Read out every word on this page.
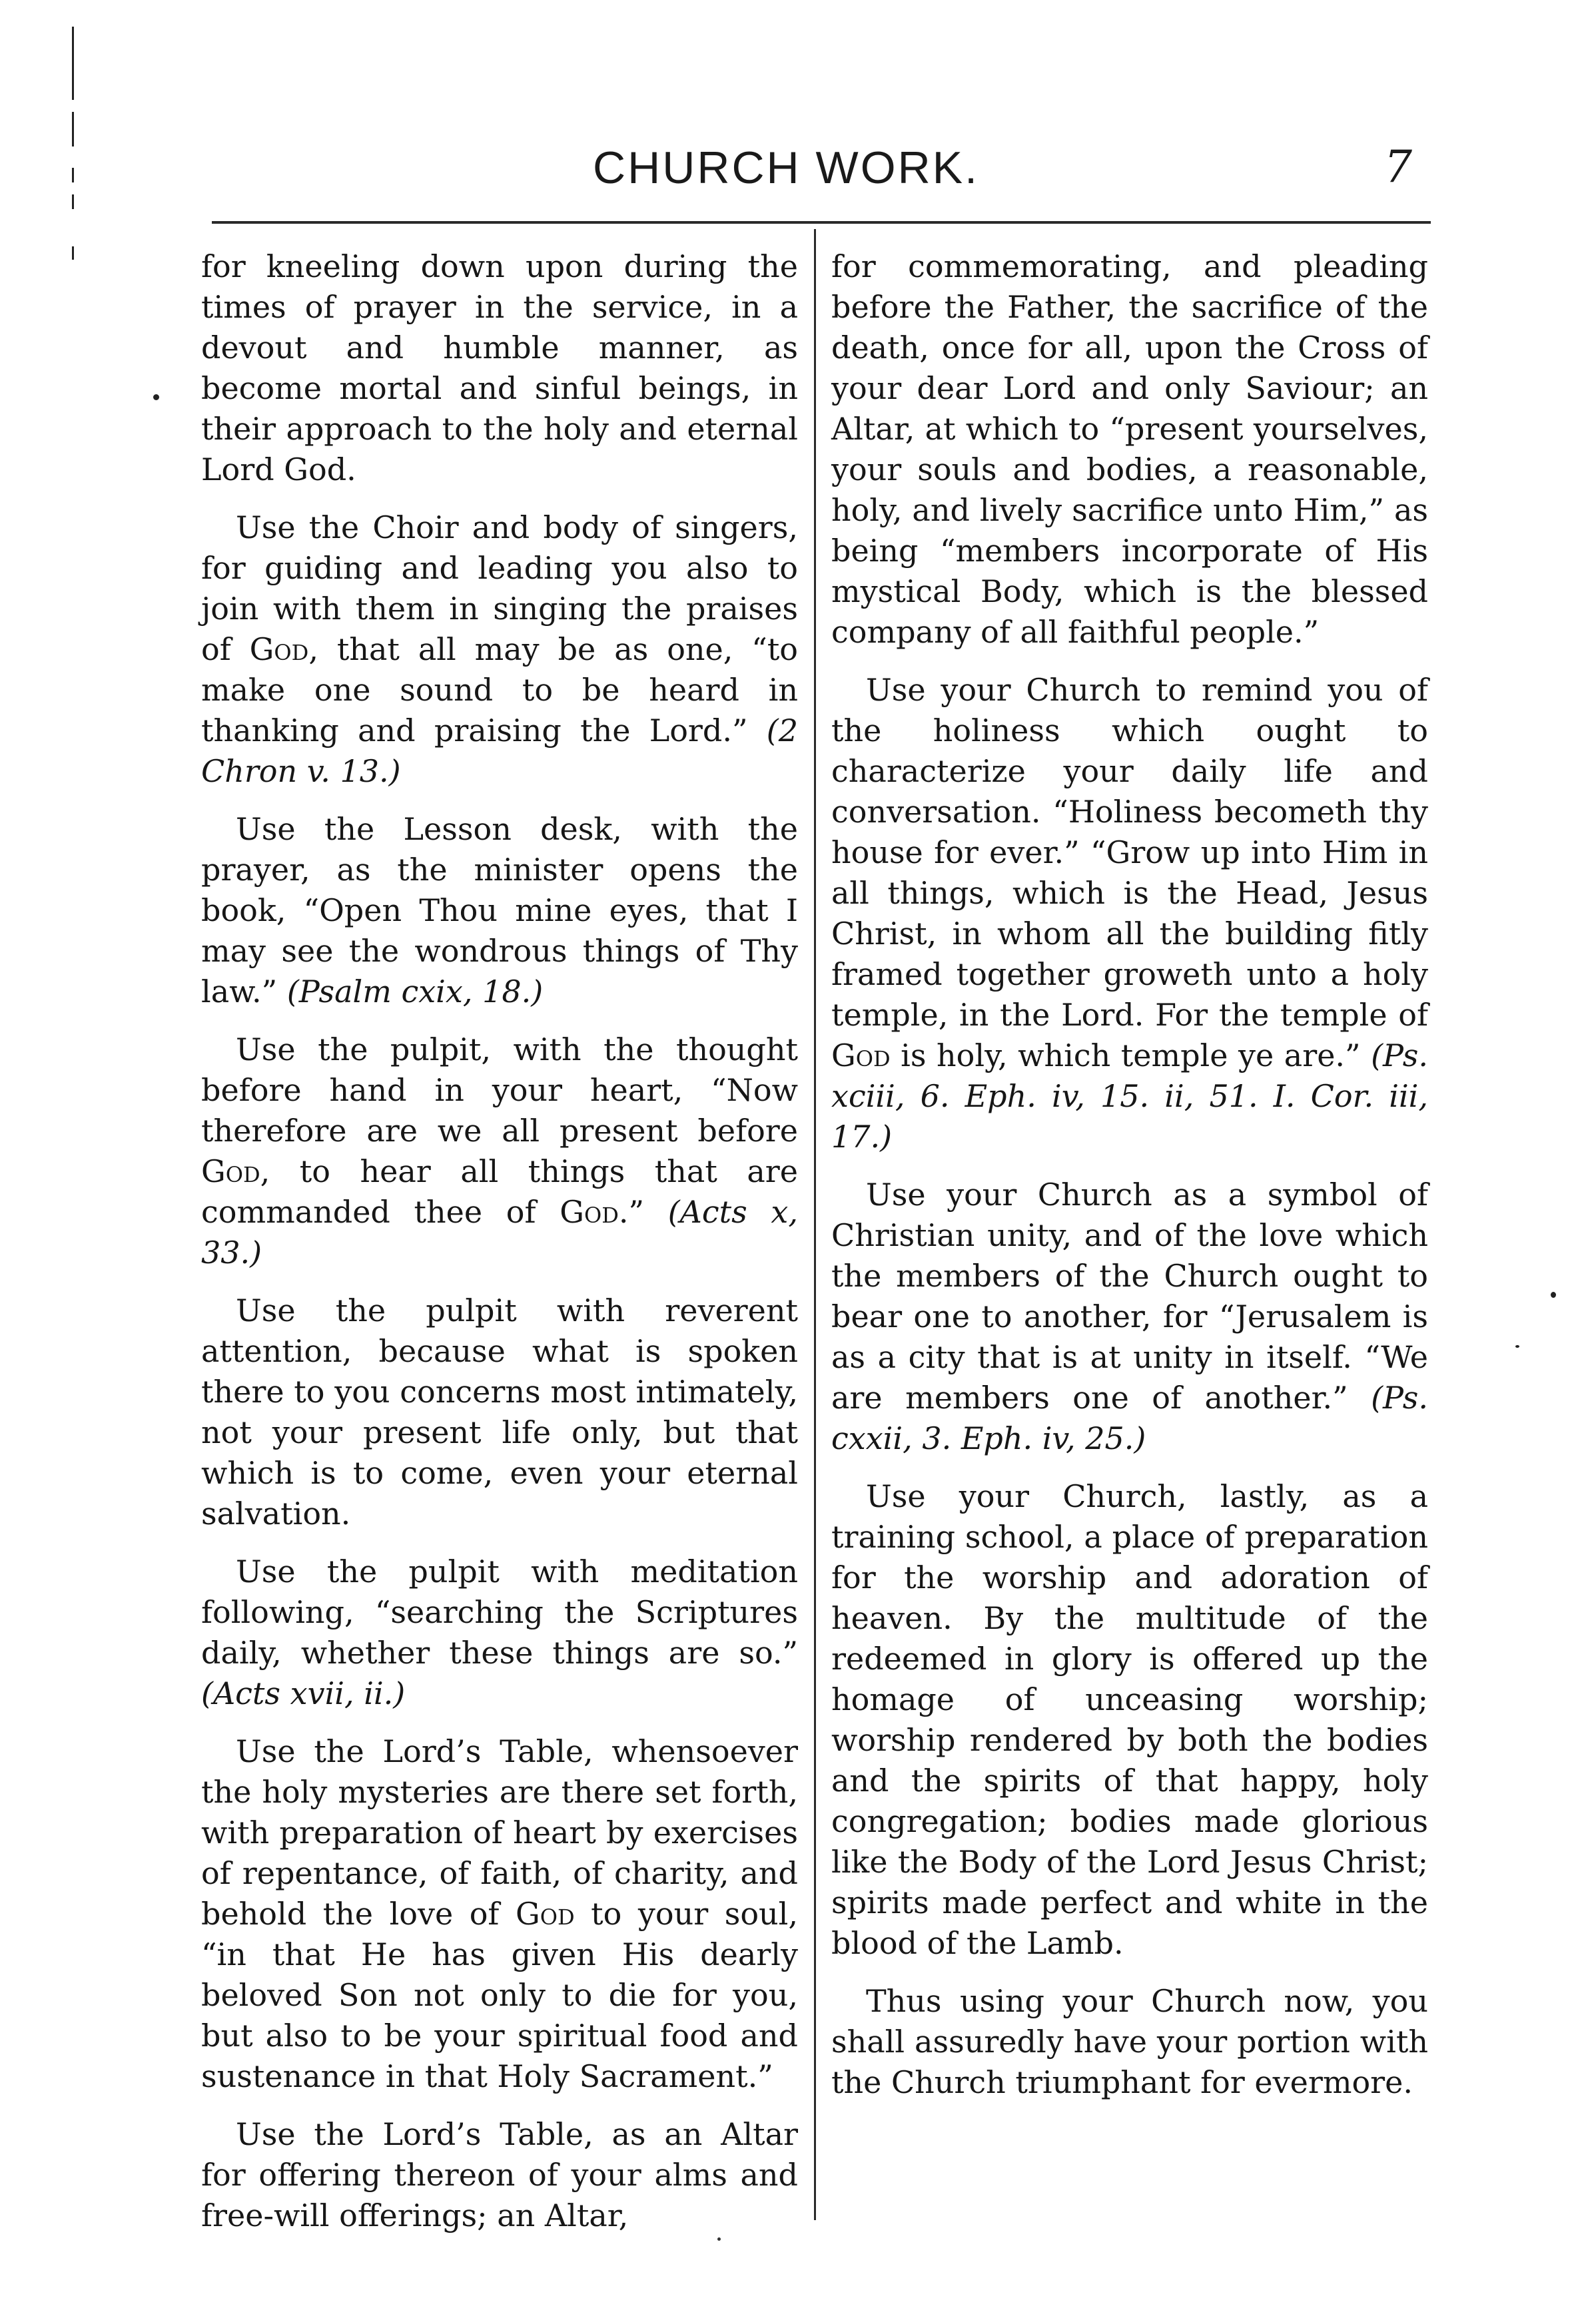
CHURCH WORK.	7

for kneeling down upon during the times of prayer in the service, in a devout and humble manner, as become mortal and sinful beings, in their approach to the holy and eternal Lord God.

Use the Choir and body of singers, for guiding and leading you also to join with them in singing the praises of God, that all may be as one, “to make one sound to be heard in thanking and praising the Lord.” (2 Chron v. 13.)

Use the Lesson desk, with the prayer, as the minister opens the book, “Open Thou mine eyes, that I may see the wondrous things of Thy law.” (Psalm cxix, 18.)

Use the pulpit, with the thought before hand in your heart, “Now therefore are we all present before God, to hear all things that are commanded thee of God.” (Acts x, 33.)

Use the pulpit with reverent attention, because what is spoken there to you concerns most intimately, not your present life only, but that which is to come, even your eternal salvation.

Use the pulpit with meditation following, “searching the Scriptures daily, whether these things are so.” (Acts xvii, ii.)

Use the Lord’s Table, whensoever the holy mysteries are there set forth, with preparation of heart by exercises of repentance, of faith, of charity, and behold the love of God to your soul, “in that He has given His dearly beloved Son not only to die for you, but also to be your spiritual food and sustenance in that Holy Sacrament.”

Use the Lord’s Table, as an Altar for offering thereon of your alms and free-will offerings; an Altar,

for commemorating, and pleading before the Father, the sacrifice of the death, once for all, upon the Cross of your dear Lord and only Saviour; an Altar, at which to “present yourselves, your souls and bodies, a reasonable, holy, and lively sacrifice unto Him,” as being “members incorporate of His mystical Body, which is the blessed company of all faithful people.”

Use your Church to remind you of the holiness which ought to characterize your daily life and conversation. “Holiness becometh thy house for ever.” “Grow up into Him in all things, which is the Head, Jesus Christ, in whom all the building fitly framed together groweth unto a holy temple, in the Lord. For the temple of God is holy, which temple ye are.” (Ps. xciii, 6. Eph. iv, 15. ii, 51. I. Cor. iii, 17.)

Use your Church as a symbol of Christian unity, and of the love which the members of the Church ought to bear one to another, for “Jerusalem is as a city that is at unity in itself. “We are members one of another.” (Ps. cxxii, 3. Eph. iv, 25.)

Use your Church, lastly, as a training school, a place of preparation for the worship and adoration of heaven. By the multitude of the redeemed in glory is offered up the homage of unceasing worship; worship rendered by both the bodies and the spirits of that happy, holy congregation; bodies made glorious like the Body of the Lord Jesus Christ; spirits made perfect and white in the blood of the Lamb.

Thus using your Church now, you shall assuredly have your portion with the Church triumphant for evermore.
